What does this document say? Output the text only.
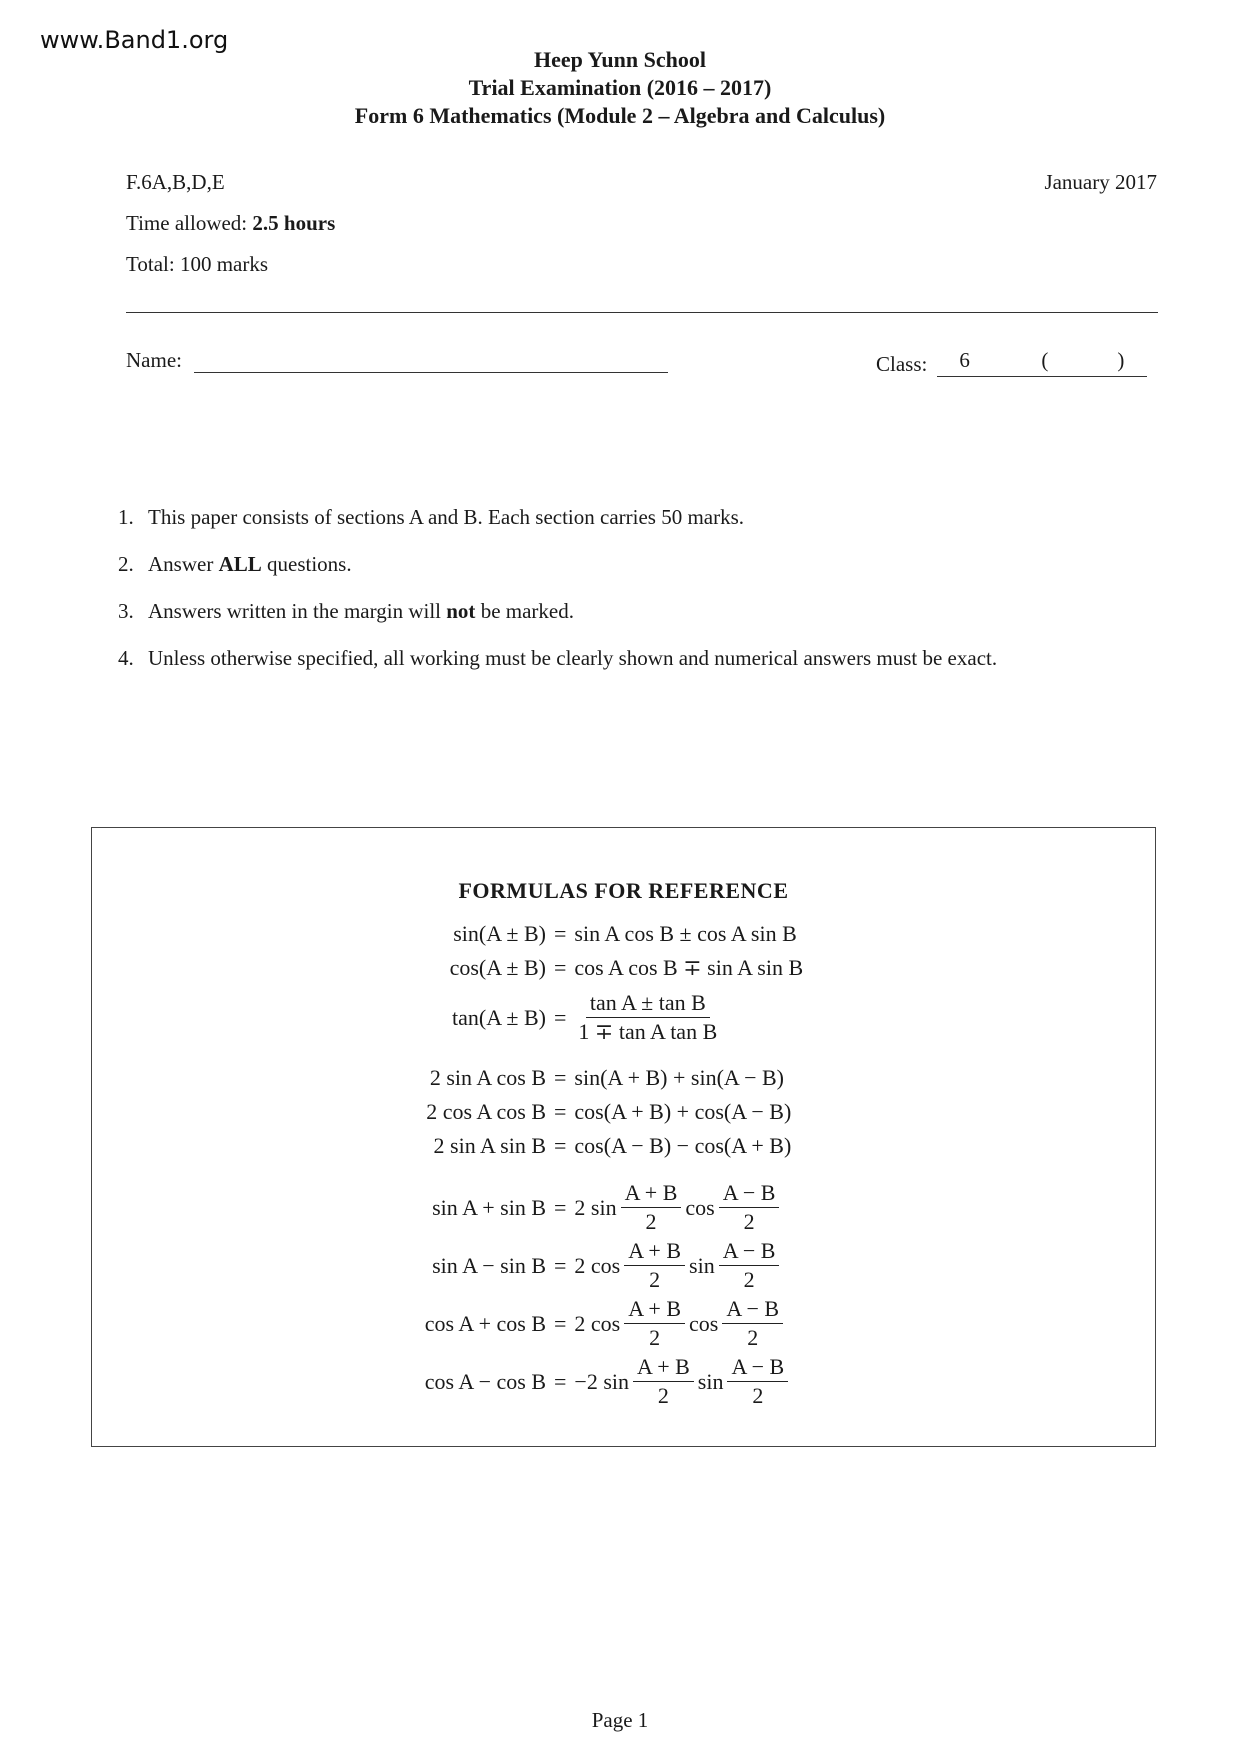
www.Band1.org
Heep Yunn School
Trial Examination (2016 – 2017)
Form 6 Mathematics (Module 2 – Algebra and Calculus)
F.6A,B,D,E	January 2017
Time allowed: 2.5 hours
Total: 100 marks
Name:	Class: 6	(	)
1. This paper consists of sections A and B. Each section carries 50 marks.
2. Answer ALL questions.
3. Answers written in the margin will not be marked.
4. Unless otherwise specified, all working must be clearly shown and numerical answers must be exact.
FORMULAS FOR REFERENCE
sin(A ± B) = sin A cos B ± cos A sin B
cos(A ± B) = cos A cos B ∓ sin A sin B
$\tan(A \pm B) = \frac{\text{tan A ± tan B}}{\text{1 ∓ tan A tan B}}$
2 sin A cos B = sin(A + B) + sin(A − B)
2 cos A cos B = cos(A + B) + cos(A − B)
2 sin A sin B = cos(A − B) − cos(A + B)
sin A + sin B = 2 $\sin \frac{A + B}{2}$ $\cos \frac{A - B}{2}$
sin A − sin B = 2 $\cos \frac{A + B}{2}$ $\sin \frac{A - B}{2}$
cos A + cos B = 2 $\cos \frac{A + B}{2}$ $\cos \frac{A - B}{2}$
cos A − cos B = −2 $\sin \frac{A + B}{2}$ $\sin \frac{A - B}{2}$
Page 1
